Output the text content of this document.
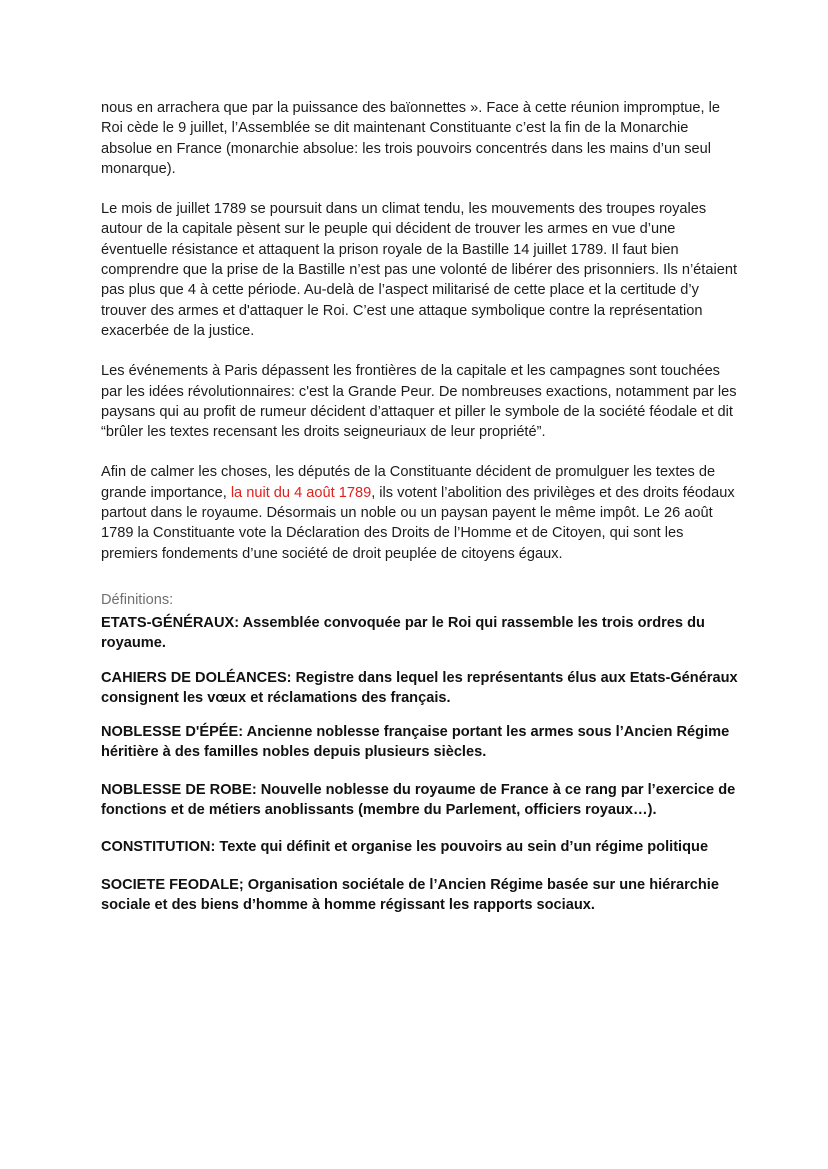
nous en arrachera que par la puissance des baïonnettes ». Face à cette réunion impromptue, le Roi cède le 9 juillet, l’Assemblée se dit maintenant Constituante c’est la fin de la Monarchie absolue en France (monarchie absolue: les trois pouvoirs concentrés dans les mains d’un seul monarque).

Le mois de juillet 1789 se poursuit dans un climat tendu, les mouvements des troupes royales autour de la capitale pèsent sur le peuple qui décident de trouver les armes en vue d’une éventuelle résistance et attaquent la prison royale de la Bastille 14 juillet 1789. Il faut bien comprendre que la prise de la Bastille n’est pas une volonté de libérer des prisonniers. Ils n’étaient pas plus que 4 à cette période. Au-delà de l’aspect militarisé de cette place et la certitude d’y trouver des armes et d'attaquer le Roi. C’est une attaque symbolique contre la représentation exacerbée de la justice.

Les événements à Paris dépassent les frontières de la capitale et les campagnes sont touchées par les idées révolutionnaires: c'est la Grande Peur. De nombreuses exactions, notamment par les paysans qui au profit de rumeur décident d’attaquer et piller le symbole de la société féodale et dit “brûler les textes recensant les droits seigneuriaux de leur propriété”.

Afin de calmer les choses, les députés de la Constituante décident de promulguer les textes de grande importance, la nuit du 4 août 1789, ils votent l’abolition des privilèges et des droits féodaux partout dans le royaume. Désormais un noble ou un paysan payent le même impôt. Le 26 août 1789 la Constituante vote la Déclaration des Droits de l’Homme et de Citoyen, qui sont les premiers fondements d’une société de droit peuplée de citoyens égaux.

Définitions:

ETATS-GÉNÉRAUX: Assemblée convoquée par le Roi qui rassemble les trois ordres du royaume.

CAHIERS DE DOLÉANCES: Registre dans lequel les représentants élus aux Etats-Généraux consignent les vœux et réclamations des français.

NOBLESSE D'ÉPÉE: Ancienne noblesse française portant les armes sous l’Ancien Régime héritière à des familles nobles depuis plusieurs siècles.

NOBLESSE DE ROBE: Nouvelle noblesse du royaume de France à ce rang par l’exercice de fonctions et de métiers anoblissants (membre du Parlement, officiers royaux…).

CONSTITUTION: Texte qui définit et organise les pouvoirs au sein d’un régime politique

SOCIETE FEODALE; Organisation sociétale de l’Ancien Régime basée sur une hiérarchie sociale et des biens d’homme à homme régissant les rapports sociaux.
